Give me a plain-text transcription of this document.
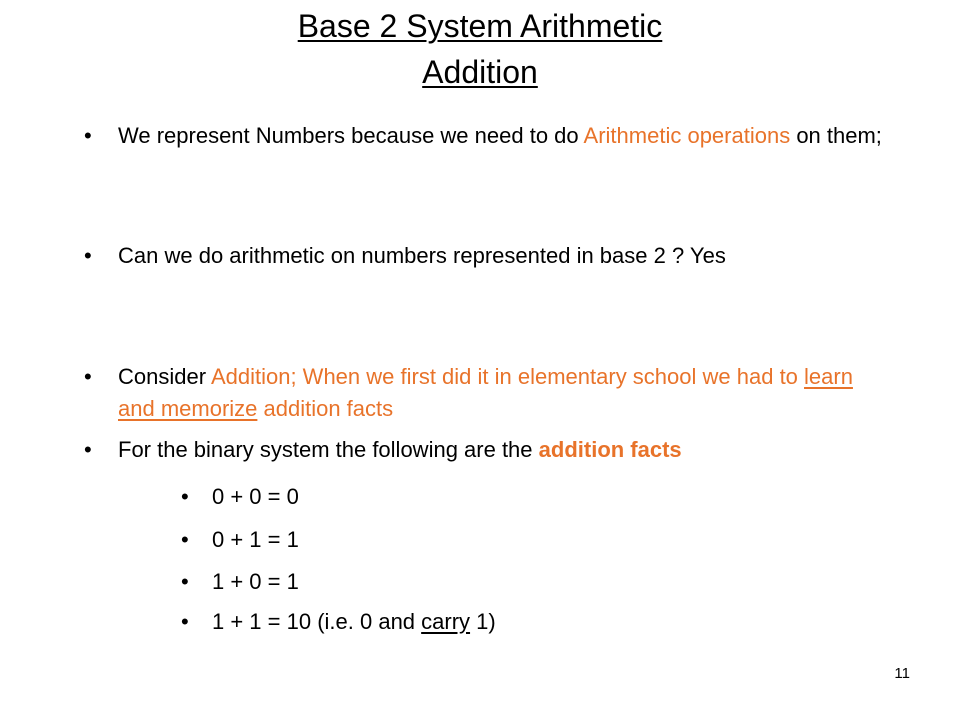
Base 2 System Arithmetic
Addition
• We represent Numbers because we need to do Arithmetic operations on them;
• Can we do arithmetic on numbers represented in base 2 ? Yes
• Consider Addition; When we first did it in elementary school we had to learn and memorize addition facts
• For the binary system the following are the addition facts
• 0 + 0 = 0
• 0 + 1 = 1
• 1 + 0 = 1
• 1 + 1 = 10 (i.e. 0 and carry 1)
11
